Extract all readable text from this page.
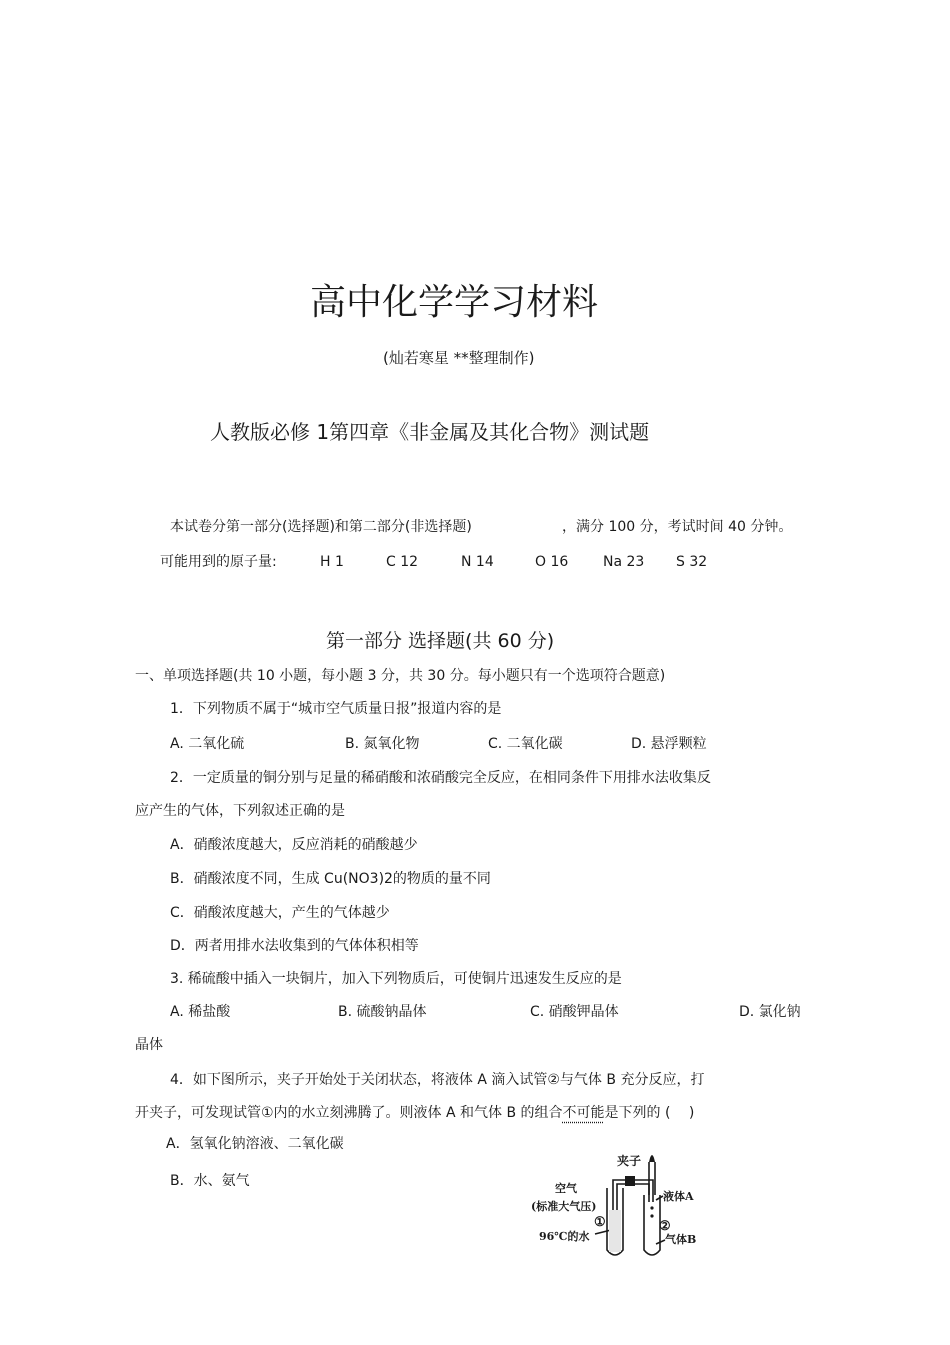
高中化学学习材料
(灿若寒星 **整理制作)
人教版必修 1第四章《非金属及其化合物》测试题
本试卷分第一部分(选择题)和第二部分(非选择题)	，满分 100 分，考试时间 40 分钟。
可能用到的原子量:	H 1	C 12	N 14	O 16 Na 23 S 32
第一部分 选择题(共 60 分)
一、单项选择题(共 10 小题，每小题 3 分，共 30 分。每小题只有一个选项符合题意)
1．下列物质不属于“城市空气质量日报”报道内容的是
A. 二氧化硫	B. 氮氧化物	C. 二氧化碳	D. 悬浮颗粒
2．一定质量的铜分别与足量的稀硝酸和浓硝酸完全反应，在相同条件下用排水法收集反
应产生的气体，下列叙述正确的是
A．硝酸浓度越大，反应消耗的硝酸越少
B．硝酸浓度不同，生成 Cu(NO3)2的物质的量不同
C．硝酸浓度越大，产生的气体越少
D．两者用排水法收集到的气体体积相等
3. 稀硫酸中插入一块铜片，加入下列物质后，可使铜片迅速发生反应的是
A. 稀盐酸	B. 硫酸钠晶体	C. 硝酸钾晶体	D. 氯化钠
晶体
4．如下图所示，夹子开始处于关闭状态，将液体 A 滴入试管②与气体 B 充分反应，打
开夹子，可发现试管①内的水立刻沸腾了。则液体 A 和气体 B 的组合不可能是下列的 (　 )
A．氢氧化钠溶液、二氧化碳
B．水、氨气
夹子
空气
(标准大气压)
①	②
液体A
气体B
96℃的水
